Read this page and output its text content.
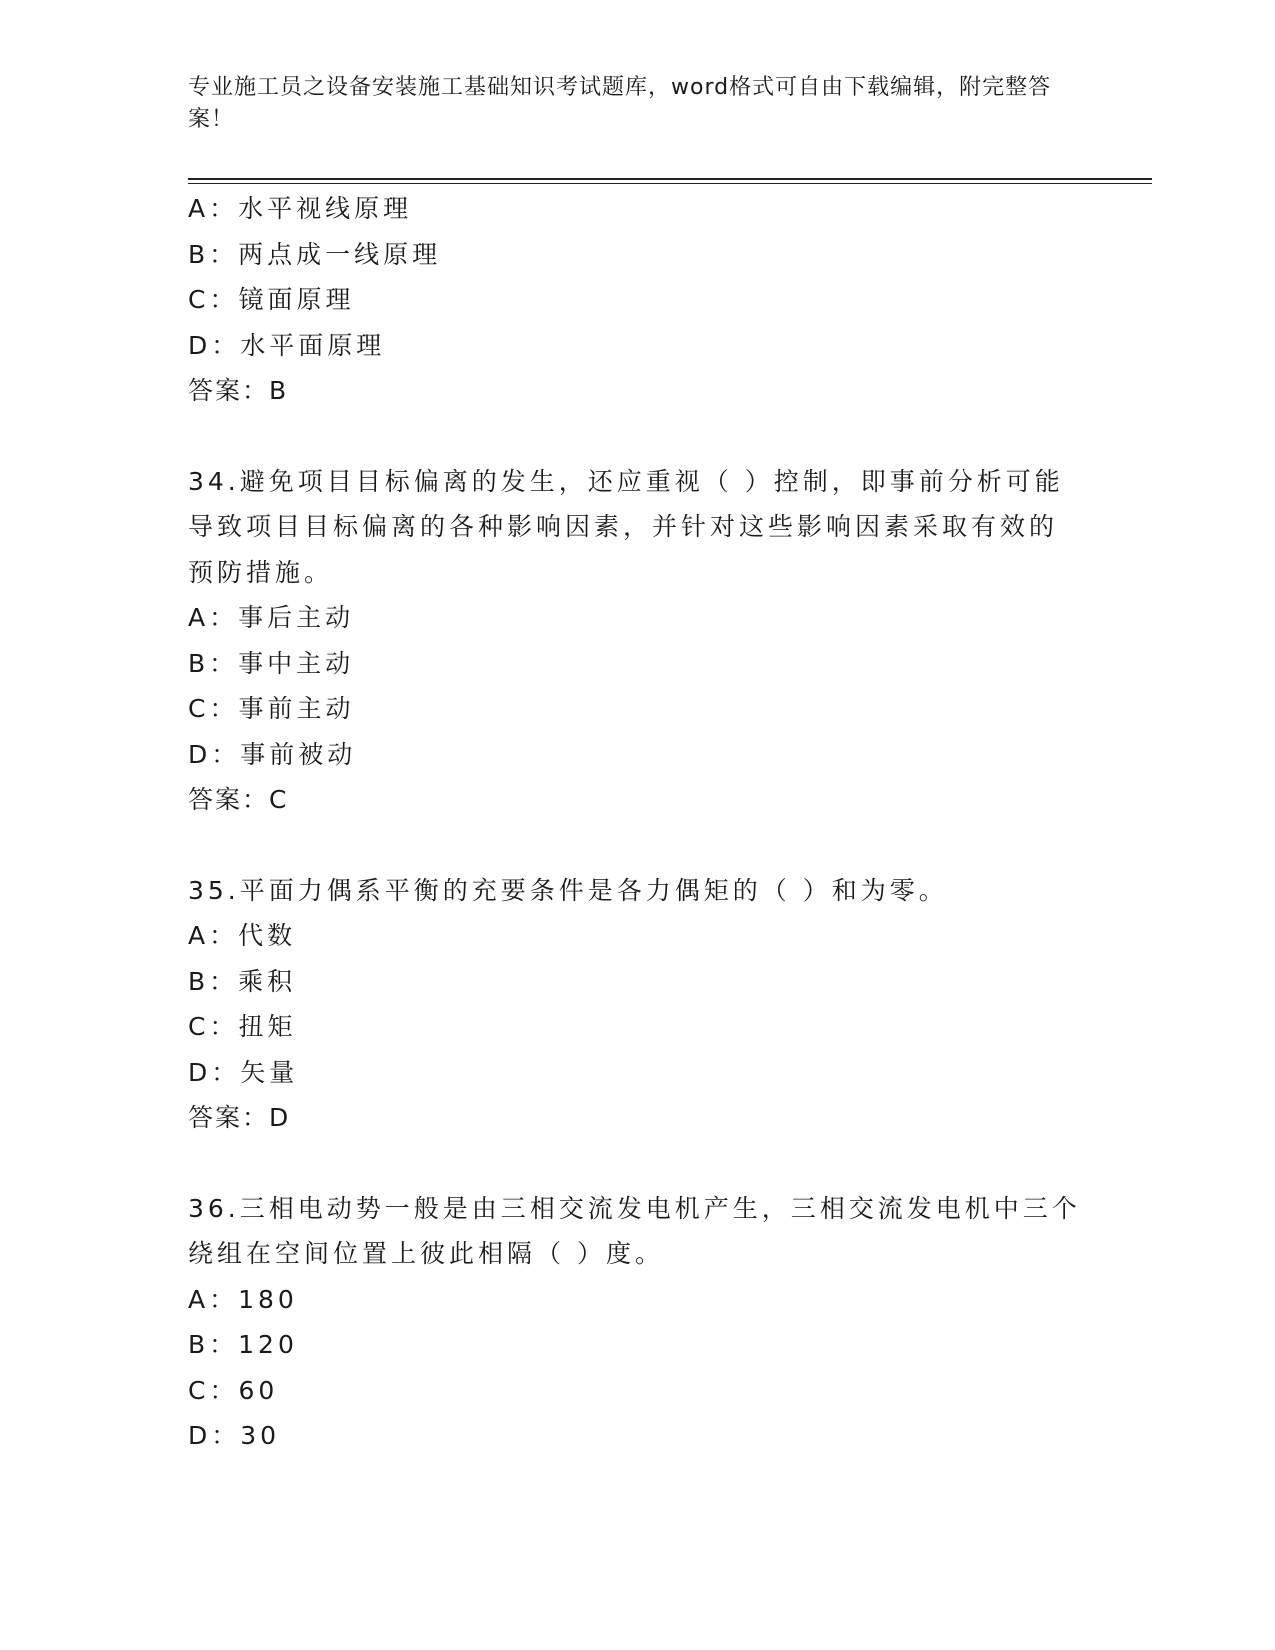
专业施工员之设备安装施工基础知识考试题库，word格式可自由下载编辑，附完整答案！
A：水平视线原理
B：两点成一线原理
C：镜面原理
D：水平面原理
答案：B
34.避免项目目标偏离的发生，还应重视（ ）控制，即事前分析可能
导致项目目标偏离的各种影响因素，并针对这些影响因素采取有效的
预防措施。
A：事后主动
B：事中主动
C：事前主动
D：事前被动
答案：C
35.平面力偶系平衡的充要条件是各力偶矩的（ ）和为零。
A：代数
B：乘积
C：扭矩
D：矢量
答案：D
36.三相电动势一般是由三相交流发电机产生，三相交流发电机中三个
绕组在空间位置上彼此相隔（ ）度。
A：180
B：120
C：60
D：30
